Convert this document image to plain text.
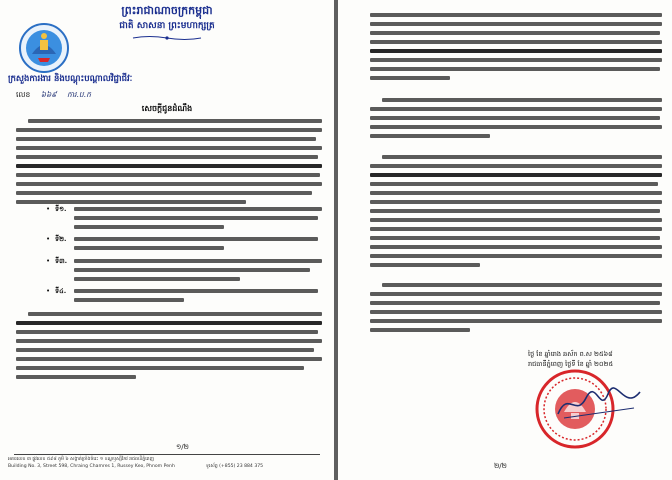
ព្រះរាជាណាចក្រកម្ពុជា
ជាតិ សាសនា ព្រះមហាក្សត្រ
ក្រសួងការងារ និងបណ្តុះបណ្តាលវិជ្ជាជីវៈ
លេខ ៦៦៩ ការ.ប.ក
សេចក្តីជូនដំណឹង
• ទី១.
• ទី២.
• ទី៣.
• ទី៤.
១/២
អគារលេខ ៣ ផ្លូវលេខ ៥៩៨ ភូមិ ៦ សង្កាត់ច្រាំងចំរេះ ១ ខណ្ឌឫស្សីកែវ រាជធានីភ្នំពេញ
Building No. 3, Street 598, Chraing Chamres 1, Russey Keo, Phnom Penh	ទូរស័ព្ទ (+855) 23 884 375
ថ្ងៃ ខែ ឆ្នាំរោង ឆស័ក ព.ស ២៥៦៨
រាជធានីភ្នំពេញ ថ្ងៃទី ខែ ឆ្នាំ ២០២៥
២/២
